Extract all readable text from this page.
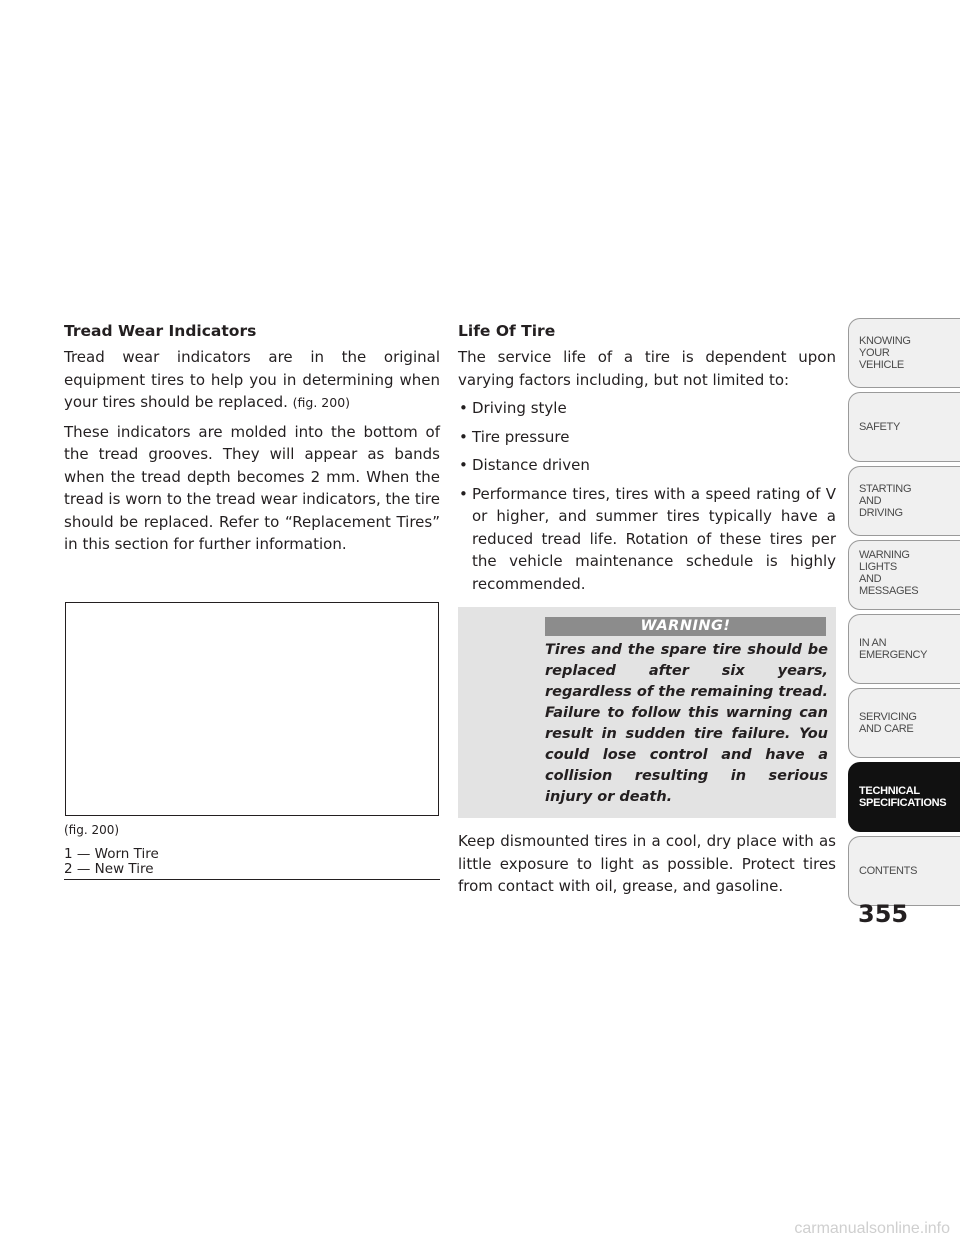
Tread Wear Indicators

Tread wear indicators are in the original equipment tires to help you in determining when your tires should be replaced. (fig. 200)

These indicators are molded into the bottom of the tread grooves. They will appear as bands when the tread depth becomes 2 mm. When the tread is worn to the tread wear indicators, the tire should be replaced. Refer to “Replacement Tires” in this section for further information.

(fig. 200)
1 — Worn Tire
2 — New Tire
Life Of Tire

The service life of a tire is dependent upon varying factors including, but not limited to:

• Driving style
• Tire pressure
• Distance driven
• Performance tires, tires with a speed rating of V or higher, and summer tires typically have a reduced tread life. Rotation of these tires per the vehicle maintenance schedule is highly recommended.
WARNING!
Tires and the spare tire should be replaced after six years, regardless of the remaining tread. Failure to follow this warning can result in sudden tire failure. You could lose control and have a collision resulting in serious injury or death.

Keep dismounted tires in a cool, dry place with as little exposure to light as possible. Protect tires from contact with oil, grease, and gasoline.

KNOWING
YOUR
VEHICLE
SAFETY
STARTING
AND
DRIVING
WARNING
LIGHTS
AND
MESSAGES
IN AN
EMERGENCY
SERVICING
AND CARE
TECHNICAL
SPECIFICATIONS
CONTENTS
355
carmanualsonline.info
